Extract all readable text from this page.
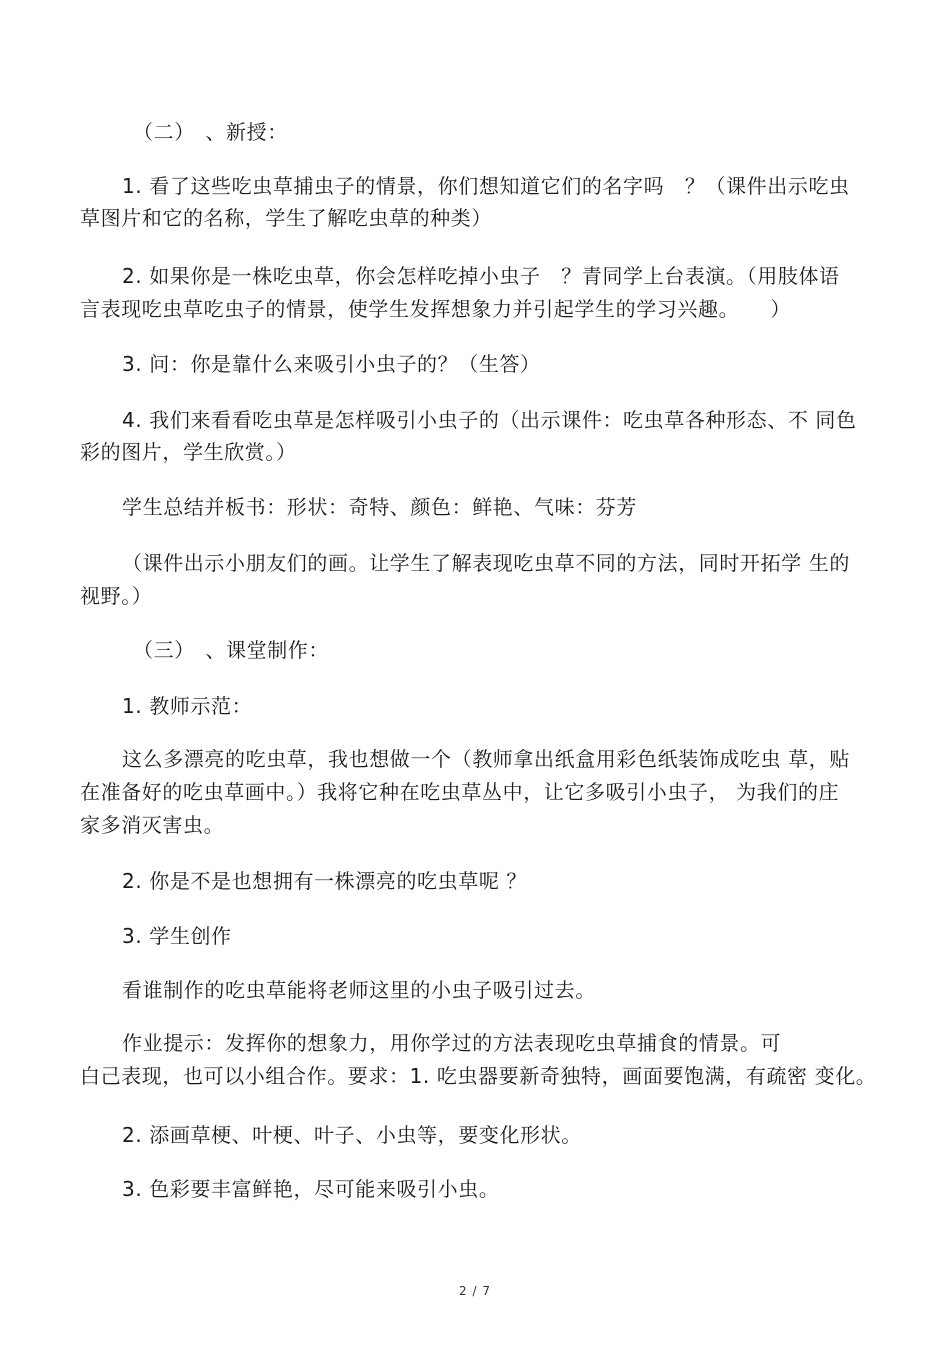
（二）　、新授：
1. 看了这些吃虫草捕虫子的情景，你们想知道它们的名字吗　？（课件出示吃虫
草图片和它的名称，学生了解吃虫草的种类）
2. 如果你是一株吃虫草，你会怎样吃掉小虫子　？青同学上台表演。（用肢体语
言表现吃虫草吃虫子的情景，使学生发挥想象力并引起学生的学习兴趣。　　）
3. 问：你是靠什么来吸引小虫子的？（生答）
4. 我们来看看吃虫草是怎样吸引小虫子的（出示课件：吃虫草各种形态、不 同色
彩的图片，学生欣赏。）
学生总结并板书：形状：奇特、颜色：鲜艳、气味：芬芳
（课件出示小朋友们的画。让学生了解表现吃虫草不同的方法，同时开拓学 生的
视野。）
（三）　、课堂制作：
1. 教师示范：
这么多漂亮的吃虫草，我也想做一个（教师拿出纸盒用彩色纸装饰成吃虫 草，贴
在准备好的吃虫草画中。）我将它种在吃虫草丛中，让它多吸引小虫子， 为我们的庄
家多消灭害虫。
2. 你是不是也想拥有一株漂亮的吃虫草呢 ？
3. 学生创作
看谁制作的吃虫草能将老师这里的小虫子吸引过去。
作业提示：发挥你的想象力，用你学过的方法表现吃虫草捕食的情景。可
白己表现，也可以小组合作。要求：1. 吃虫器要新奇独特，画面要饱满，有疏密 变化。
2. 添画草梗、叶梗、叶子、小虫等，要变化形状。
3. 色彩要丰富鲜艳，尽可能来吸引小虫。
2 / 7
